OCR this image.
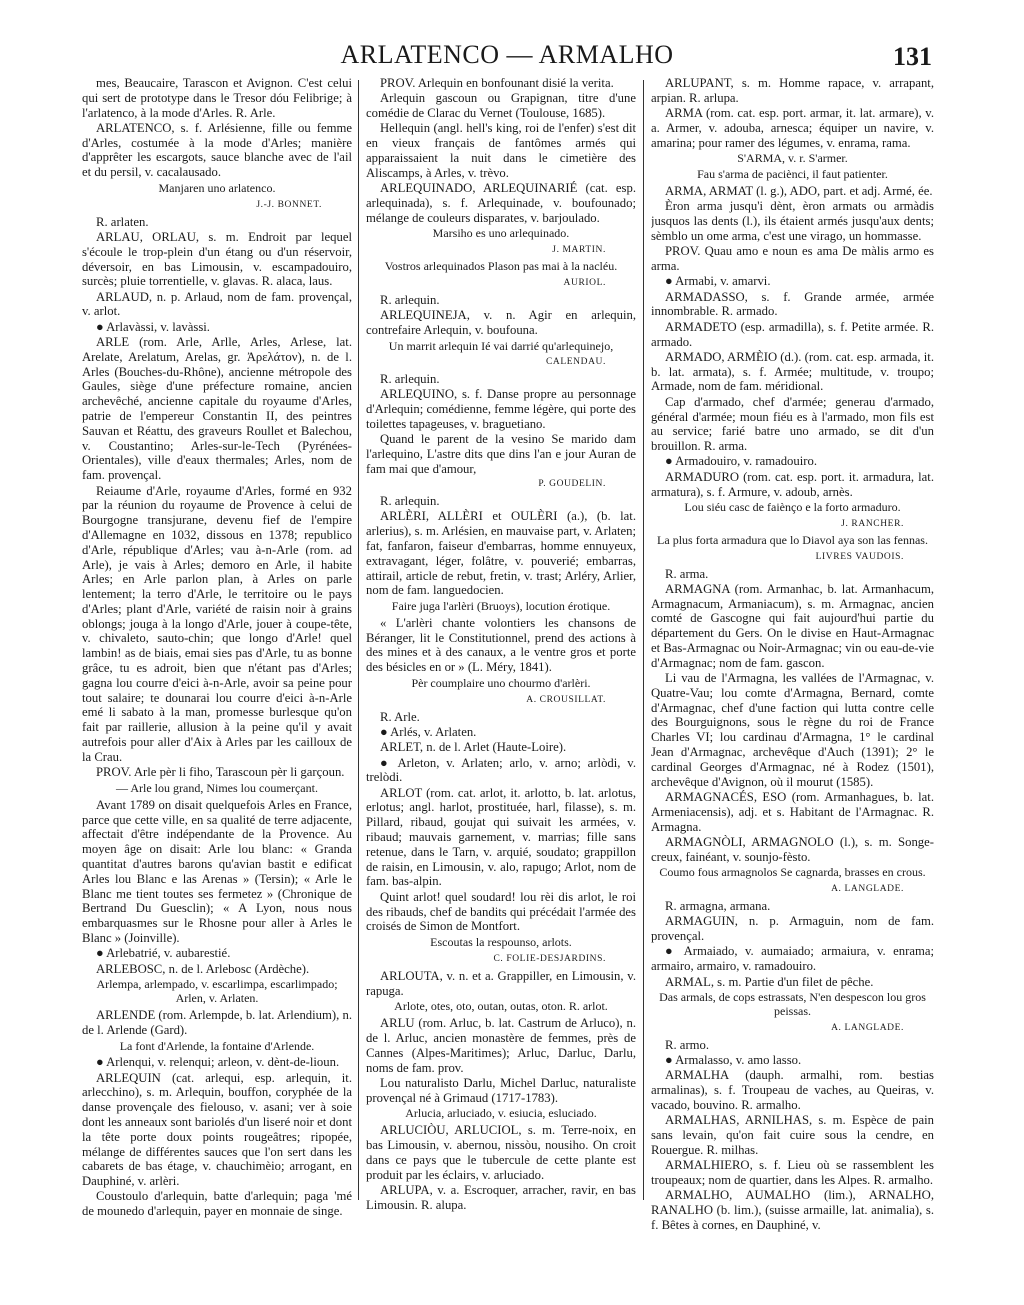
ARLATENCO — ARMALHO	131

mes, Beaucaire, Tarascon et Avignon. C'est celui qui sert de prototype dans le Tresor dóu Felibrige; à l'arlatenco, à la mode d'Arles. R. Arle.

ARLATENCO, s. f. Arlésienne, fille ou femme d'Arles, costumée à la mode d'Arles; manière d'apprêter les escargots, sauce blanche avec de l'ail et du persil, v. cacalausado.

Manjaren uno arlatenco.

J.-J. BONNET.

R. arlaten.

ARLAU, ORLAU, s. m. Endroit par lequel s'écoule le trop-plein d'un étang ou d'un réservoir, déversoir, en bas Limousin, v. escampadouiro, surcès; pluie torrentielle, v. glavas. R. alaca, laus.

ARLAUD, n. p. Arlaud, nom de fam. provençal, v. arlot.

● Arlavàssi, v. lavàssi.

ARLE (rom. Arle, Arlle, Arles, Arlese, lat. Arelate, Arelatum, Arelas, gr. Ἀρελάτον), n. de l. Arles (Bouches-du-Rhône), ancienne métropole des Gaules, siège d'une préfecture romaine, ancien archevêché, ancienne capitale du royaume d'Arles, patrie de l'empereur Constantin II, des peintres Sauvan et Réattu, des graveurs Roullet et Balechou, v. Coustantino; Arles-sur-le-Tech (Pyrénées-Orientales), ville d'eaux thermales; Arles, nom de fam. provençal.

Reiaume d'Arle, royaume d'Arles, formé en 932 par la réunion du royaume de Provence à celui de Bourgogne transjurane, devenu fief de l'empire d'Allemagne en 1032, dissous en 1378; republico d'Arle, république d'Arles; vau à-n-Arle (rom. ad Arle), je vais à Arles; demoro en Arle, il habite Arles; en Arle parlon plan, à Arles on parle lentement; la terro d'Arle, le territoire ou le pays d'Arles; plant d'Arle, variété de raisin noir à grains oblongs; jouga à la longo d'Arle, jouer à coupe-tête, v. chivaleto, sauto-chin; que longo d'Arle! quel lambin! as de biais, emai sies pas d'Arle, tu as bonne grâce, tu es adroit, bien que n'étant pas d'Arles; gagna lou courre d'eici à-n-Arle, avoir sa peine pour tout salaire; te dounarai lou courre d'eici à-n-Arle emé li sabato à la man, promesse burlesque qu'on fait par raillerie, allusion à la peine qu'il y avait autrefois pour aller d'Aix à Arles par les cailloux de la Crau.

PROV. Arle pèr li fiho, Tarascoun pèr li garçoun.

— Arle lou grand, Nimes lou coumerçant.

Avant 1789 on disait quelquefois Arles en France, parce que cette ville, en sa qualité de terre adjacente, affectait d'être indépendante de la Provence. Au moyen âge on disait: Arle lou blanc: « Granda quantitat d'autres barons qu'avian bastit e edificat Arles lou Blanc e las Arenas » (Tersin); « Arle le Blanc me tient toutes ses fermetez » (Chronique de Bertrand Du Guesclin); « A Lyon, nous nous embarquasmes sur le Rhosne pour aller à Arles le Blanc » (Joinville).

● Arlebatrié, v. aubarestié.

ARLEBOSC, n. de l. Arlebosc (Ardèche).

Arlempa, arlempado, v. escarlimpa, escarlimpado; Arlen, v. Arlaten.

ARLENDE (rom. Arlempde, b. lat. Arlendium), n. de l. Arlende (Gard).

La font d'Arlende, la fontaine d'Arlende.

● Arlenqui, v. relenqui; arleon, v. dènt-de-lioun.

ARLEQUIN (cat. arlequi, esp. arlequin, it. arlecchino), s. m. Arlequin, bouffon, coryphée de la danse provençale des fielouso, v. asani; ver à soie dont les anneaux sont bariolés d'un liseré noir et dont la tête porte doux points rougeâtres; ripopée, mélange de différentes sauces que l'on sert dans les cabarets de bas étage, v. chauchimèio; arrogant, en Dauphiné, v. arlèri.

Coustoulo d'arlequin, batte d'arlequin; paga 'mé de mounedo d'arlequin, payer en monnaie de singe.

PROV. Arlequin en bonfounant disié la verita.

Arlequin gascoun ou Grapignan, titre d'une comédie de Clarac du Vernet (Toulouse, 1685).

Hellequin (angl. hell's king, roi de l'enfer) s'est dit en vieux français de fantômes armés qui apparaissaient la nuit dans le cimetière des Aliscamps, à Arles, v. trèvo.

ARLEQUINADO, ARLEQUINARIÉ (cat. esp. arlequinada), s. f. Arlequinade, v. boufounado; mélange de couleurs disparates, v. barjoulado.

Marsiho es uno arlequinado.

J. MARTIN.

Vostros arlequinados Plason pas mai à la nacléu.

AURIOL.

R. arlequin.

ARLEQUINEJA, v. n. Agir en arlequin, contrefaire Arlequin, v. boufouna.

Un marrit arlequin Ié vai darrié qu'arlequinejo,

CALENDAU.

R. arlequin.

ARLEQUINO, s. f. Danse propre au personnage d'Arlequin; comédienne, femme légère, qui porte des toilettes tapageuses, v. braguetiano.

Quand le parent de la vesino Se marido dam l'arlequino, L'astre dits que dins l'an e jour Auran de fam mai que d'amour,

P. GOUDELIN.

R. arlequin.

ARLÈRI, ALLÈRI et OULÈRI (a.), (b. lat. arlerius), s. m. Arlésien, en mauvaise part, v. Arlaten; fat, fanfaron, faiseur d'embarras, homme ennuyeux, extravagant, léger, folâtre, v. pouverié; embarras, attirail, article de rebut, fretin, v. trast; Arléry, Arlier, nom de fam. languedocien.

Faire juga l'arlèri (Bruoys), locution érotique.

« L'arlèri chante volontiers les chansons de Béranger, lit le Constitutionnel, prend des actions à des mines et à des canaux, a le ventre gros et porte des bésicles en or » (L. Méry, 1841).

Pèr coumplaire uno chourmo d'arlèri.

A. CROUSILLAT.

R. Arle.

● Arlés, v. Arlaten.

ARLET, n. de l. Arlet (Haute-Loire).

● Arleton, v. Arlaten; arlo, v. arno; arlòdi, v. trelòdi.

ARLOT (rom. cat. arlot, it. arlotto, b. lat. arlotus, erlotus; angl. harlot, prostituée, harl, filasse), s. m. Pillard, ribaud, goujat qui suivait les armées, v. ribaud; mauvais garnement, v. marrias; fille sans retenue, dans le Tarn, v. arquié, soudato; grappillon de raisin, en Limousin, v. alo, rapugo; Arlot, nom de fam. bas-alpin.

Quint arlot! quel soudard! lou rèi dis arlot, le roi des ribauds, chef de bandits qui précédait l'armée des croisés de Simon de Montfort.

Escoutas la respounso, arlots.

C. FOLIE-DESJARDINS.

ARLOUTA, v. n. et a. Grappiller, en Limousin, v. rapuga.

Arlote, otes, oto, outan, outas, oton. R. arlot.

ARLU (rom. Arluc, b. lat. Castrum de Arluco), n. de l. Arluc, ancien monastère de femmes, près de Cannes (Alpes-Maritimes); Arluc, Darluc, Darlu, noms de fam. prov.

Lou naturalisto Darlu, Michel Darluc, naturaliste provençal né à Grimaud (1717-1783).

Arlucia, arluciado, v. esiucia, esluciado.

ARLUCIÒU, ARLUCIOL, s. m. Terre-noix, en bas Limousin, v. abernou, nissòu, nousiho. On croit dans ce pays que le tubercule de cette plante est produit par les éclairs, v. arluciado.

ARLUPA, v. a. Escroquer, arracher, ravir, en bas Limousin. R. alupa.

ARLUPANT, s. m. Homme rapace, v. arrapant, arpian. R. arlupa.

ARMA (rom. cat. esp. port. armar, it. lat. armare), v. a. Armer, v. adouba, arnesca; équiper un navire, v. amarina; pour ramer des légumes, v. enrama, rama.

S'ARMA, v. r. S'armer.

Fau s'arma de paciènci, il faut patienter.

ARMA, ARMAT (l. g.), ADO, part. et adj. Armé, ée.

Èron arma jusqu'i dènt, èron armats ou armàdis jusquos las dents (l.), ils étaient armés jusqu'aux dents; sèmblo un ome arma, c'est une virago, un hommasse.

PROV. Quau amo e noun es ama De màlis armo es arma.

● Armabi, v. amarvi.

ARMADASSO, s. f. Grande armée, armée innombrable. R. armado.

ARMADETO (esp. armadilla), s. f. Petite armée. R. armado.

ARMADO, ARMÈIO (d.). (rom. cat. esp. armada, it. b. lat. armata), s. f. Armée; multitude, v. troupo; Armade, nom de fam. méridional.

Cap d'armado, chef d'armée; generau d'armado, général d'armée; moun fiéu es à l'armado, mon fils est au service; farié batre uno armado, se dit d'un brouillon. R. arma.

● Armadouiro, v. ramadouiro.

ARMADURO (rom. cat. esp. port. it. armadura, lat. armatura), s. f. Armure, v. adoub, arnès.

Lou siéu casc de faiènço e la forto armaduro.

J. RANCHER.

La plus forta armadura que lo Diavol aya son las fennas.

LIVRES VAUDOIS.

R. arma.

ARMAGNA (rom. Armanhac, b. lat. Armanhacum, Armagnacum, Armaniacum), s. m. Armagnac, ancien comté de Gascogne qui fait aujourd'hui partie du département du Gers. On le divise en Haut-Armagnac et Bas-Armagnac ou Noir-Armagnac; vin ou eau-de-vie d'Armagnac; nom de fam. gascon.

Li vau de l'Armagna, les vallées de l'Armagnac, v. Quatre-Vau; lou comte d'Armagna, Bernard, comte d'Armagnac, chef d'une faction qui lutta contre celle des Bourguignons, sous le règne du roi de France Charles VI; lou cardinau d'Armagna, 1° le cardinal Jean d'Armagnac, archevêque d'Auch (1391); 2° le cardinal Georges d'Armagnac, né à Rodez (1501), archevêque d'Avignon, où il mourut (1585).

ARMAGNACÉS, ESO (rom. Armanhagues, b. lat. Armeniacensis), adj. et s. Habitant de l'Armagnac. R. Armagna.

ARMAGNÒLI, ARMAGNOLO (l.), s. m. Songe-creux, fainéant, v. sounjo-fèsto.

Coumo fous armagnolos Se cagnarda, brasses en crous.

A. LANGLADE.

R. armagna, armana.

ARMAGUIN, n. p. Armaguin, nom de fam. provençal.

● Armaiado, v. aumaiado; armaiura, v. enrama; armairo, armairo, v. ramadouiro.

ARMAL, s. m. Partie d'un filet de pêche.

Das armals, de cops estrassats, N'en despescon lou gros peissas.

A. LANGLADE.

R. armo.

● Armalasso, v. amo lasso.

ARMALHA (dauph. armalhi, rom. bestias armalinas), s. f. Troupeau de vaches, au Queiras, v. vacado, bouvino. R. armalho.

ARMALHAS, ARNILHAS, s. m. Espèce de pain sans levain, qu'on fait cuire sous la cendre, en Rouergue. R. milhas.

ARMALHIERO, s. f. Lieu où se rassemblent les troupeaux; nom de quartier, dans les Alpes. R. armalho.

ARMALHO, AUMALHO (lim.), ARNALHO, RANALHO (b. lim.), (suisse armaille, lat. animalia), s. f. Bêtes à cornes, en Dauphiné, v.
